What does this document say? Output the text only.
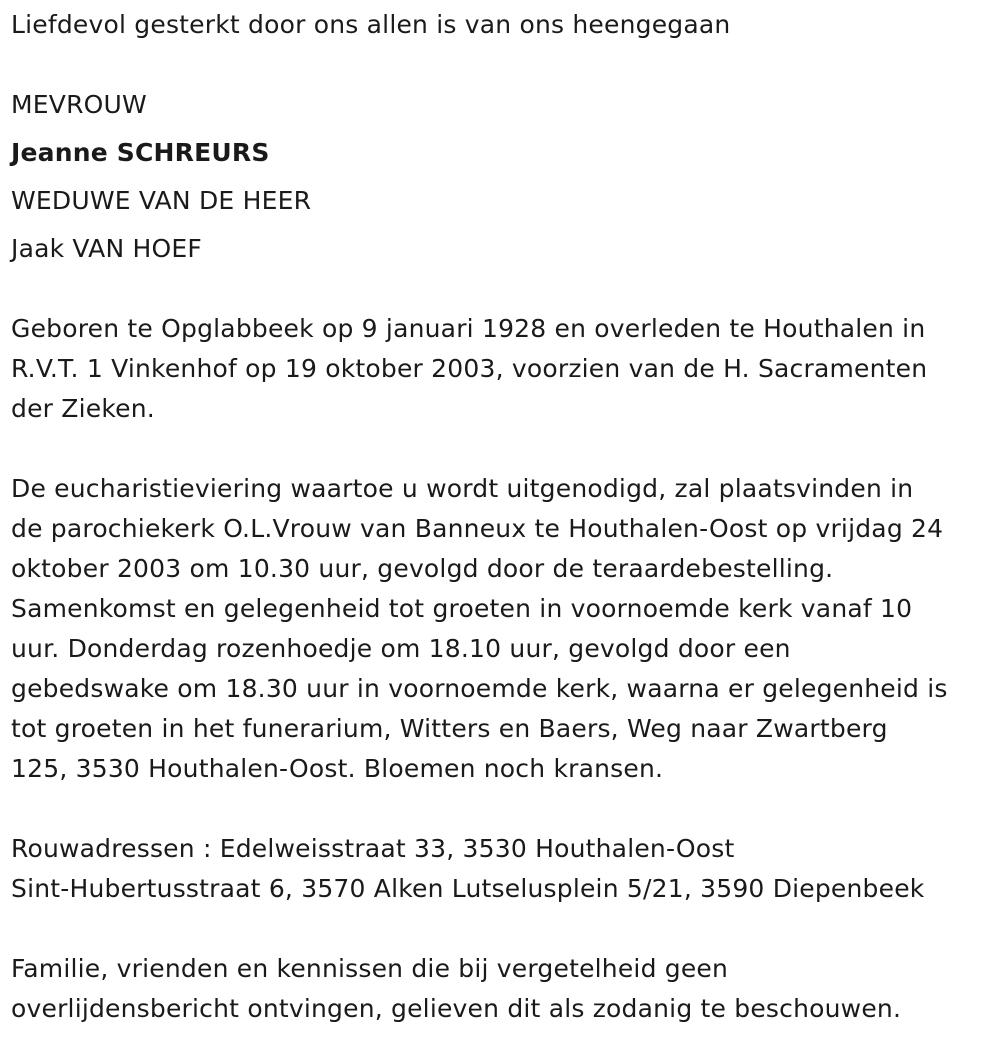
Liefdevol gesterkt door ons allen is van ons heengegaan
MEVROUW
Jeanne SCHREURS
WEDUWE VAN DE HEER
Jaak VAN HOEF
Geboren te Opglabbeek op 9 januari 1928 en overleden te Houthalen in
R.V.T. 1 Vinkenhof op 19 oktober 2003, voorzien van de H. Sacramenten
der Zieken.
De eucharistieviering waartoe u wordt uitgenodigd, zal plaatsvinden in
de parochiekerk O.L.Vrouw van Banneux te Houthalen-Oost op vrijdag 24
oktober 2003 om 10.30 uur, gevolgd door de teraardebestelling.
Samenkomst en gelegenheid tot groeten in voornoemde kerk vanaf 10
uur. Donderdag rozenhoedje om 18.10 uur, gevolgd door een
gebedswake om 18.30 uur in voornoemde kerk, waarna er gelegenheid is
tot groeten in het funerarium, Witters en Baers, Weg naar Zwartberg
125, 3530 Houthalen-Oost. Bloemen noch kransen.
Rouwadressen : Edelweisstraat 33, 3530 Houthalen-Oost
Sint-Hubertusstraat 6, 3570 Alken Lutselusplein 5/21, 3590 Diepenbeek
Familie, vrienden en kennissen die bij vergetelheid geen
overlijdensbericht ontvingen, gelieven dit als zodanig te beschouwen.
